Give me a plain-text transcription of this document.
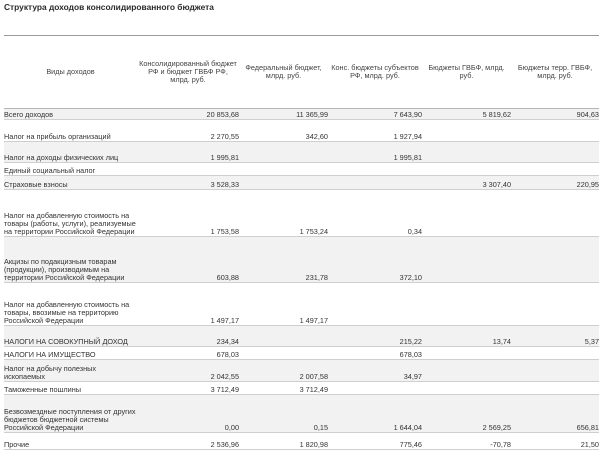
Структура доходов консолидированного бюджета
Виды доходов	Консолидированный бюджет РФ и бюджет ГВБФ РФ, млрд. руб.	Федеральный бюджет, млрд. руб.	Конс. бюджеты субъектов РФ, млрд. руб.	Бюджеты ГВБФ, млрд. руб.	Бюджеты терр. ГВБФ, млрд. руб.
Всего доходов	20 853,68	11 365,99	7 643,90	5 819,62	904,63
Налог на прибыль организаций	2 270,55	342,60	1 927,94		
Налог на доходы физических лиц	1 995,81		1 995,81		
Единый социальный налог					
Страховые взносы	3 528,33			3 307,40	220,95
Налог на добавленную стоимость на товары (работы, услуги), реализуемые на территории Российской Федерации	1 753,58	1 753,24	0,34		
Акцизы по подакцизным товарам (продукции), производимым на территории Российской Федерации	603,88	231,78	372,10		
Налог на добавленную стоимость на товары, ввозимые на территорию Российской Федерации	1 497,17	1 497,17			
НАЛОГИ НА СОВОКУПНЫЙ ДОХОД	234,34		215,22	13,74	5,37
НАЛОГИ НА ИМУЩЕСТВО	678,03		678,03		
Налог на добычу полезных ископаемых	2 042,55	2 007,58	34,97		
Таможенные пошлины	3 712,49	3 712,49			
Безвозмездные поступления от других бюджетов бюджетной системы Российской Федерации	0,00	0,15	1 644,04	2 569,25	656,81
Прочие	2 536,96	1 820,98	775,46	-70,78	21,50
